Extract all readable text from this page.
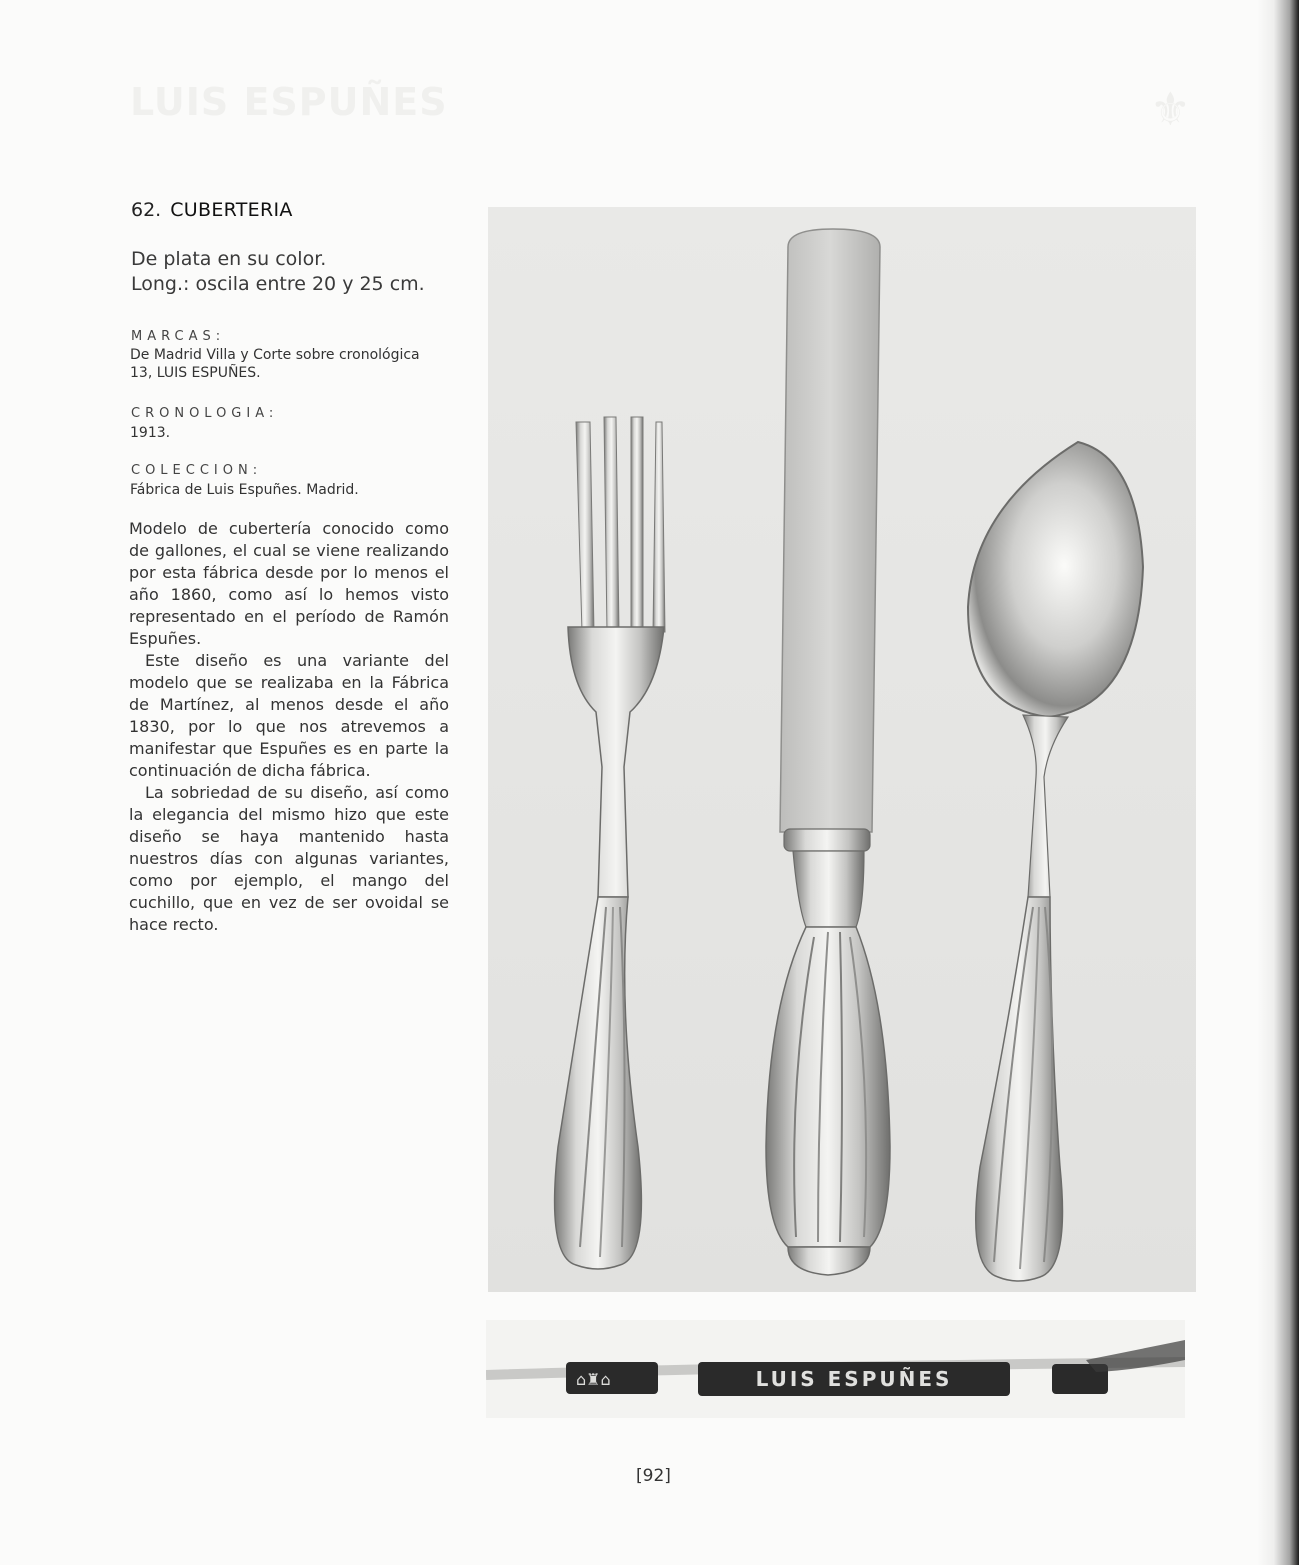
LUIS ESPUÑES	⚜
62. CUBERTERIA
De plata en su color.
Long.: oscila entre 20 y 25 cm.
MARCAS:
De Madrid Villa y Corte sobre cronológica
13, LUIS ESPUÑES.
CRONOLOGIA:
1913.
COLECCION:
Fábrica de Luis Espuñes. Madrid.

Modelo de cubertería conocido como de gallones, el cual se viene realizando por esta fábrica desde por lo menos el año 1860, como así lo hemos visto representado en el período de Ramón Espuñes.

Este diseño es una variante del modelo que se realizaba en la Fábrica de Martínez, al menos desde el año 1830, por lo que nos atrevemos a manifestar que Espuñes es en parte la continuación de dicha fábrica.

La sobriedad de su diseño, así como la elegancia del mismo hizo que este diseño se haya mantenido hasta nuestros días con algunas variantes, como por ejemplo, el mango del cuchillo, que en vez de ser ovoidal se hace recto.

⌂♜⌂	LUIS ESPUÑES
[92]
